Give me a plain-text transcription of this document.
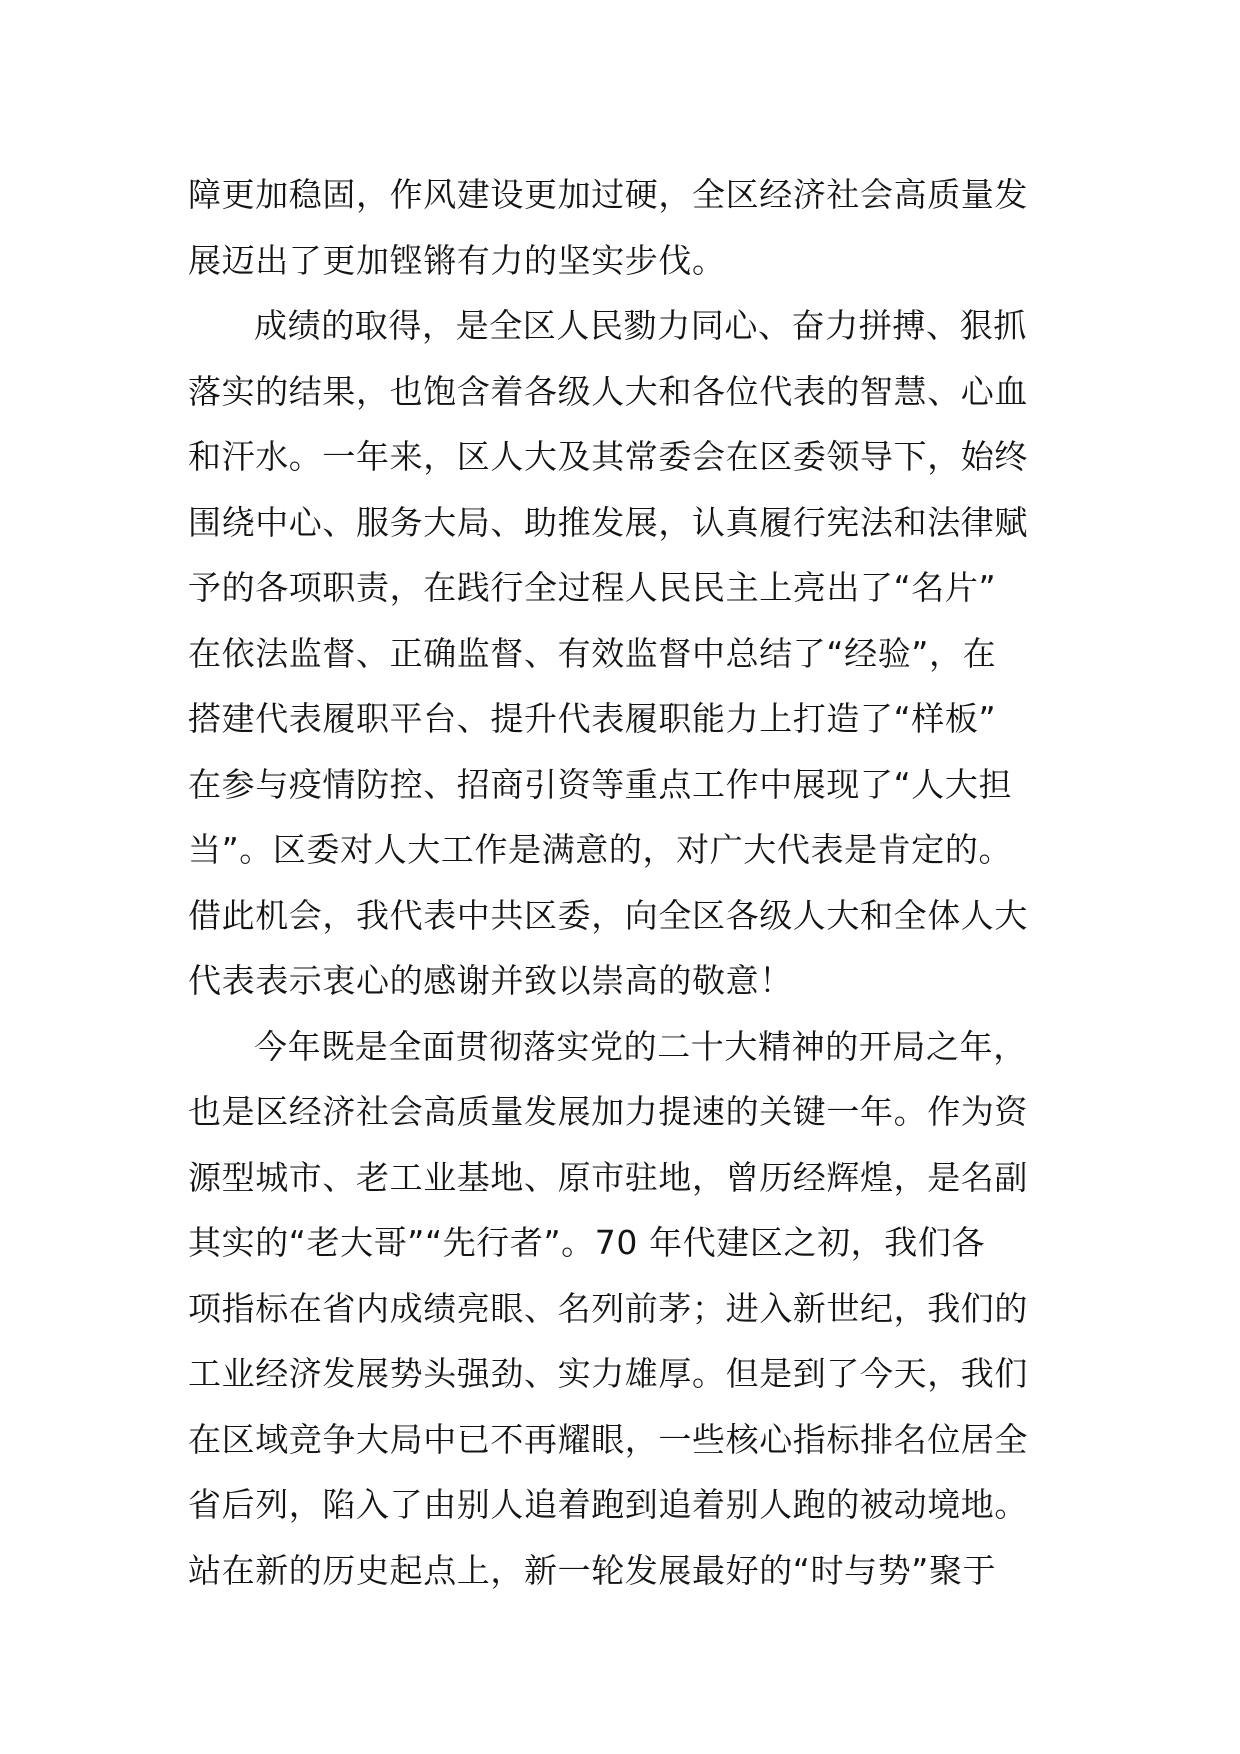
障更加稳固，作风建设更加过硬，全区经济社会高质量发
展迈出了更加铿锵有力的坚实步伐。
成绩的取得，是全区人民勠力同心、奋力拼搏、狠抓
落实的结果，也饱含着各级人大和各位代表的智慧、心血
和汗水。一年来，区人大及其常委会在区委领导下，始终
围绕中心、服务大局、助推发展，认真履行宪法和法律赋
予的各项职责，在践行全过程人民民主上亮出了“名片”
在依法监督、正确监督、有效监督中总结了“经验”，在
搭建代表履职平台、提升代表履职能力上打造了“样板”
在参与疫情防控、招商引资等重点工作中展现了“人大担
当”。区委对人大工作是满意的，对广大代表是肯定的。
借此机会，我代表中共区委，向全区各级人大和全体人大
代表表示衷心的感谢并致以崇高的敬意！
今年既是全面贯彻落实党的二十大精神的开局之年，
也是区经济社会高质量发展加力提速的关键一年。作为资
源型城市、老工业基地、原市驻地，曾历经辉煌，是名副
其实的“老大哥”“先行者”。70 年代建区之初，我们各
项指标在省内成绩亮眼、名列前茅；进入新世纪，我们的
工业经济发展势头强劲、实力雄厚。但是到了今天，我们
在区域竞争大局中已不再耀眼，一些核心指标排名位居全
省后列，陷入了由别人追着跑到追着别人跑的被动境地。
站在新的历史起点上，新一轮发展最好的“时与势”聚于
